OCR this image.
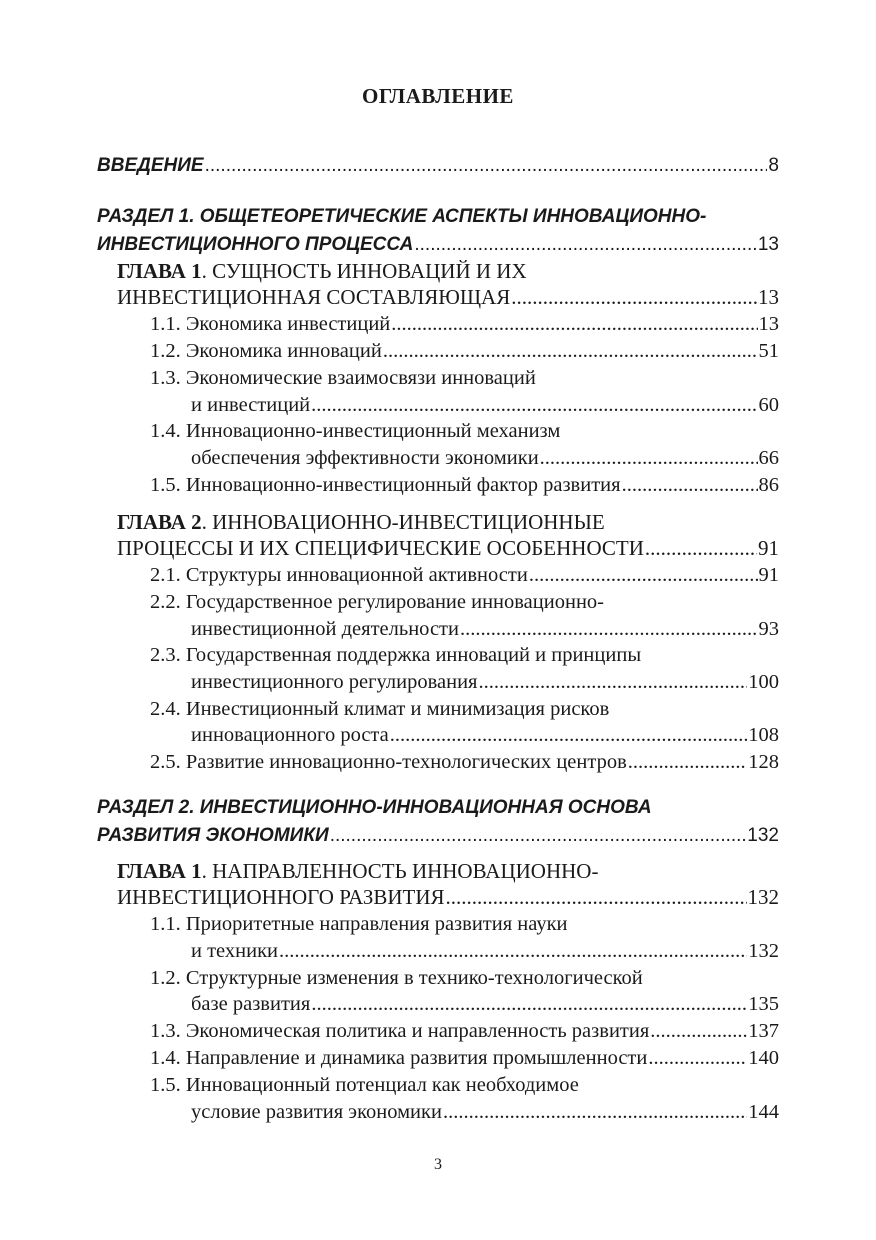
ОГЛАВЛЕНИЕ
ВВЕДЕНИЕ .....	8
РАЗДЕЛ 1. ОБЩЕТЕОРЕТИЧЕСКИЕ АСПЕКТЫ ИННОВАЦИОННО-
ИНВЕСТИЦИОННОГО ПРОЦЕССА .....	13
ГЛАВА 1. СУЩНОСТЬ ИННОВАЦИЙ И ИХ
ИНВЕСТИЦИОННАЯ СОСТАВЛЯЮЩАЯ .....	13
1.1. Экономика инвестиций .....	13
1.2. Экономика инноваций .....	51
1.3. Экономические взаимосвязи инноваций
и инвестиций .....	60
1.4. Инновационно-инвестиционный механизм
обеспечения эффективности экономики .....	66
1.5. Инновационно-инвестиционный фактор развития .....	86
ГЛАВА 2. ИННОВАЦИОННО-ИНВЕСТИЦИОННЫЕ
ПРОЦЕССЫ И ИХ СПЕЦИФИЧЕСКИЕ ОСОБЕННОСТИ .....	91
2.1. Структуры инновационной активности .....	91
2.2. Государственное регулирование инновационно-
инвестиционной деятельности .....	93
2.3. Государственная поддержка инноваций и принципы
инвестиционного регулирования .....	100
2.4. Инвестиционный климат и минимизация рисков
инновационного роста .....	108
2.5. Развитие инновационно-технологических центров .....	128
РАЗДЕЛ 2. ИНВЕСТИЦИОННО-ИННОВАЦИОННАЯ ОСНОВА
РАЗВИТИЯ ЭКОНОМИКИ .....	132
ГЛАВА 1. НАПРАВЛЕННОСТЬ ИННОВАЦИОННО-
ИНВЕСТИЦИОННОГО РАЗВИТИЯ .....	132
1.1. Приоритетные направления развития науки
и техники .....	132
1.2. Структурные изменения в технико-технологической
базе развития .....	135
1.3. Экономическая политика и направленность развития .....	137
1.4. Направление и динамика развития промышленности .....	140
1.5. Инновационный потенциал как необходимое
условие развития экономики .....	144
3
